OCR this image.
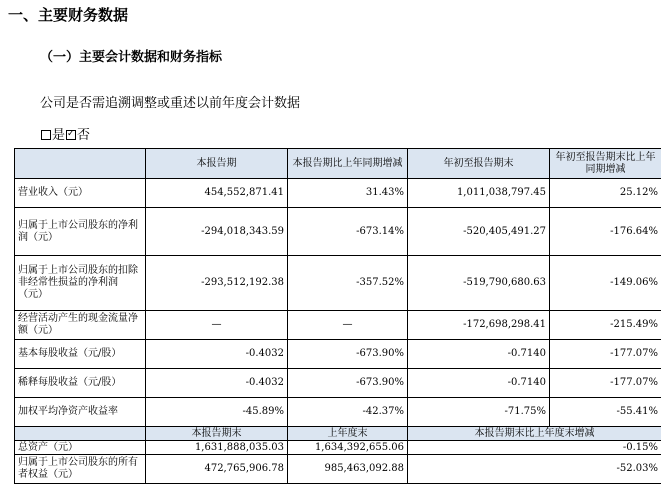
一、主要财务数据
（一）主要会计数据和财务指标
公司是否需追溯调整或重述以前年度会计数据
是 ✓ 否
	本报告期	本报告期比上年同期增减	年初至报告期末	年初至报告期末比上年同期增减
营业收入（元）	454,552,871.41	31.43%	1,011,038,797.45	25.12%
归属于上市公司股东的净利润（元）	-294,018,343.59	-673.14%	-520,405,491.27	-176.64%
归属于上市公司股东的扣除非经常性损益的净利润（元）	-293,512,192.38	-357.52%	-519,790,680.63	-149.06%
经营活动产生的现金流量净额（元）	—	—	-172,698,298.41	-215.49%
基本每股收益（元/股）	-0.4032	-673.90%	-0.7140	-177.07%
稀释每股收益（元/股）	-0.4032	-673.90%	-0.7140	-177.07%
加权平均净资产收益率	-45.89%	-42.37%	-71.75%	-55.41%
	本报告期末	上年度末	本报告期末比上年度末增减	
总资产（元）	1,631,888,035.03	1,634,392,655.06	-0.15%	
归属于上市公司股东的所有者权益（元）	472,765,906.78	985,463,092.88	-52.03%	
